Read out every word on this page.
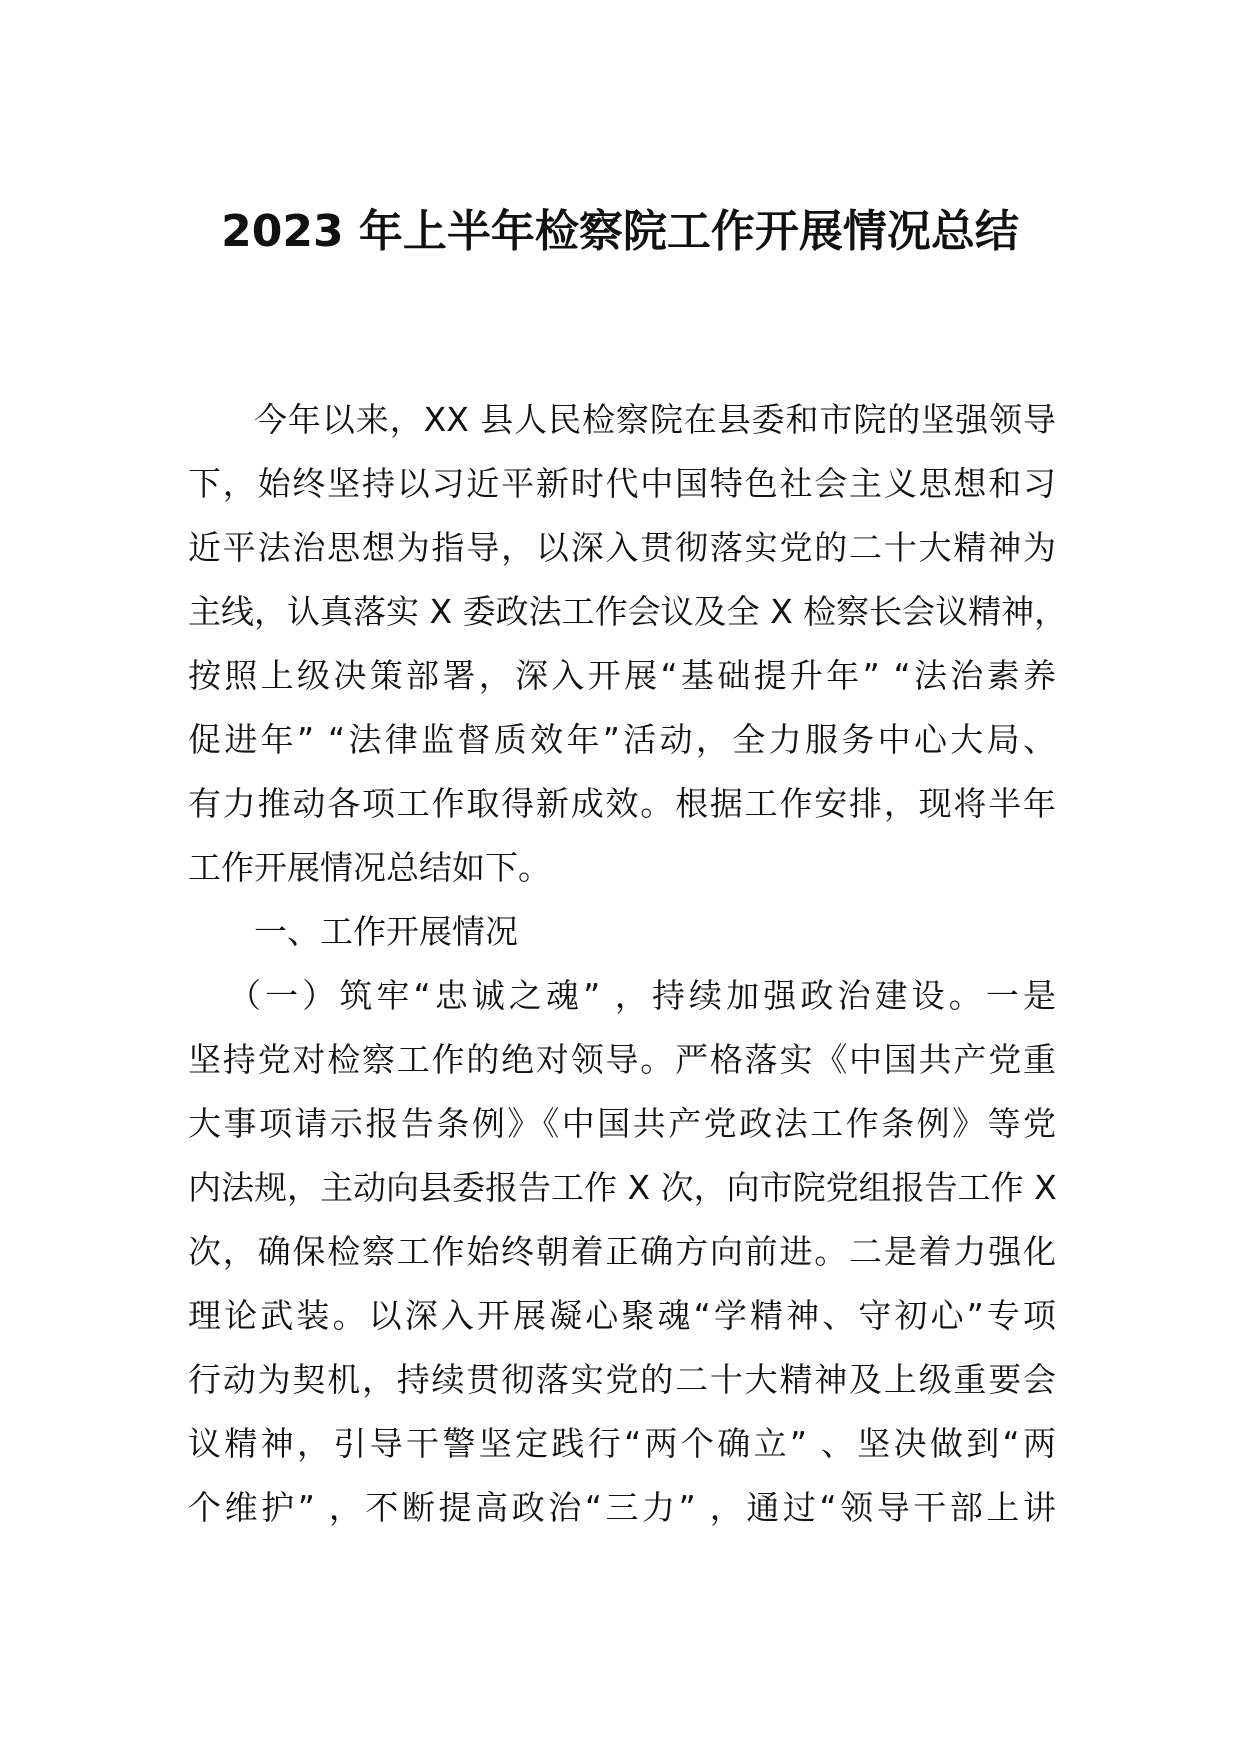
2023 年上半年检察院工作开展情况总结
今年以来，XX 县人民检察院在县委和市院的坚强领导
下，始终坚持以习近平新时代中国特色社会主义思想和习
近平法治思想为指导，以深入贯彻落实党的二十大精神为
主线，认真落实 X 委政法工作会议及全 X 检察长会议精神，
按照上级决策部署，深入开展“基础提升年” “法治素养
促进年” “法律监督质效年”活动，全力服务中心大局、
有力推动各项工作取得新成效。根据工作安排，现将半年
工作开展情况总结如下。
一、工作开展情况
（一）筑牢“忠诚之魂” ，持续加强政治建设。一是
坚持党对检察工作的绝对领导。严格落实《中国共产党重
大事项请示报告条例》《中国共产党政法工作条例》等党
内法规，主动向县委报告工作 X 次，向市院党组报告工作 X
次，确保检察工作始终朝着正确方向前进。二是着力强化
理论武装。以深入开展凝心聚魂“学精神、守初心”专项
行动为契机，持续贯彻落实党的二十大精神及上级重要会
议精神，引导干警坚定践行“两个确立” 、坚决做到“两
个维护” ，不断提高政治“三力” ，通过“领导干部上讲
